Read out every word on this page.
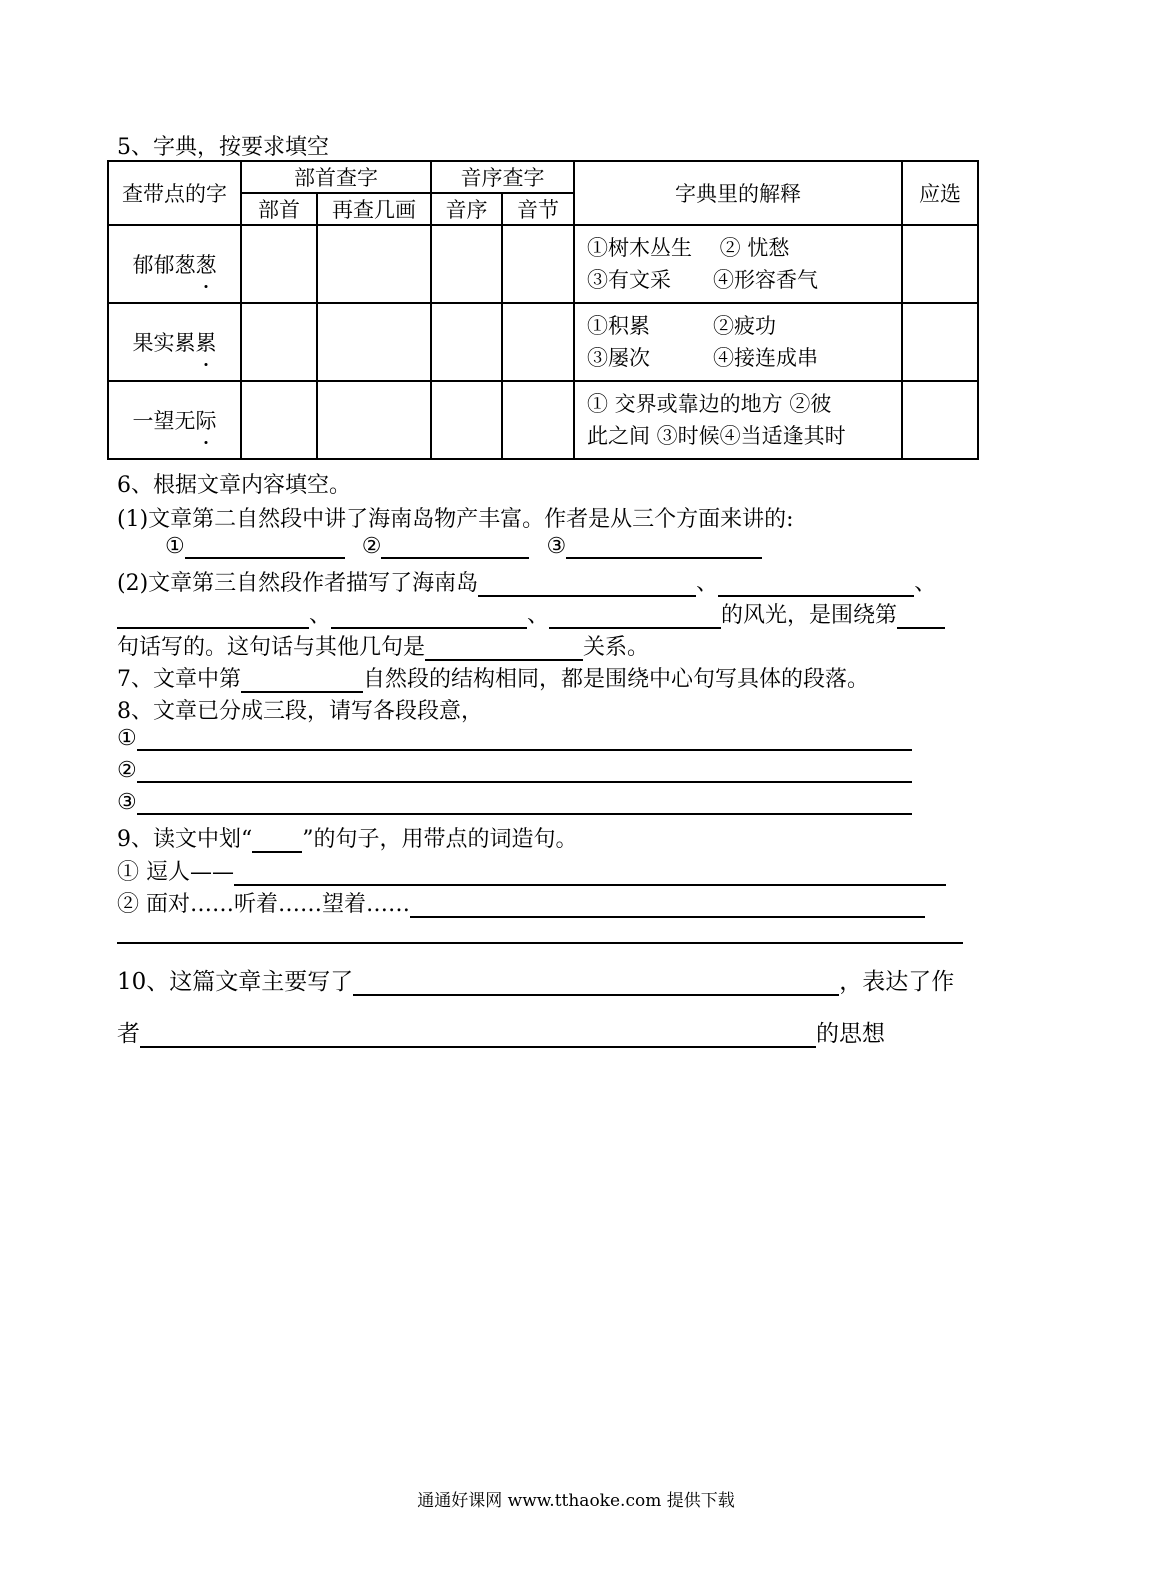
5、字典，按要求填空
查带点的字	部首查字		音序查字		字典里的解释	应选
	部首	再查几画	音序	音节		
郁郁葱葱					①树木丛生　 ② 忧愁
③有文采　　④形容香气	

果实累累					①积累　　　②疲功
③屡次　　　④接连成串	

一望无际					① 交界或靠边的地方 ②彼
此之间 ③时候④当适逢其时	

6、根据文章内容填空。
(1)文章第二自然段中讲了海南岛物产丰富。作者是从三个方面来讲的:
①	②	③
(2)文章第三自然段作者描写了海南岛	、	、
、	、	的风光，是围绕第
句话写的。这句话与其他几句是	关系。
7、文章中第	自然段的结构相同，都是围绕中心句写具体的段落。
8、文章已分成三段，请写各段段意，
①
②
③
9、读文中划“ ”的句子，用带点的词造句。
① 逗人——
② 面对……听着……望着……
10、这篇文章主要写了	，表达了作
者	的思想
通通好课网 www.tthaoke.com 提供下载
